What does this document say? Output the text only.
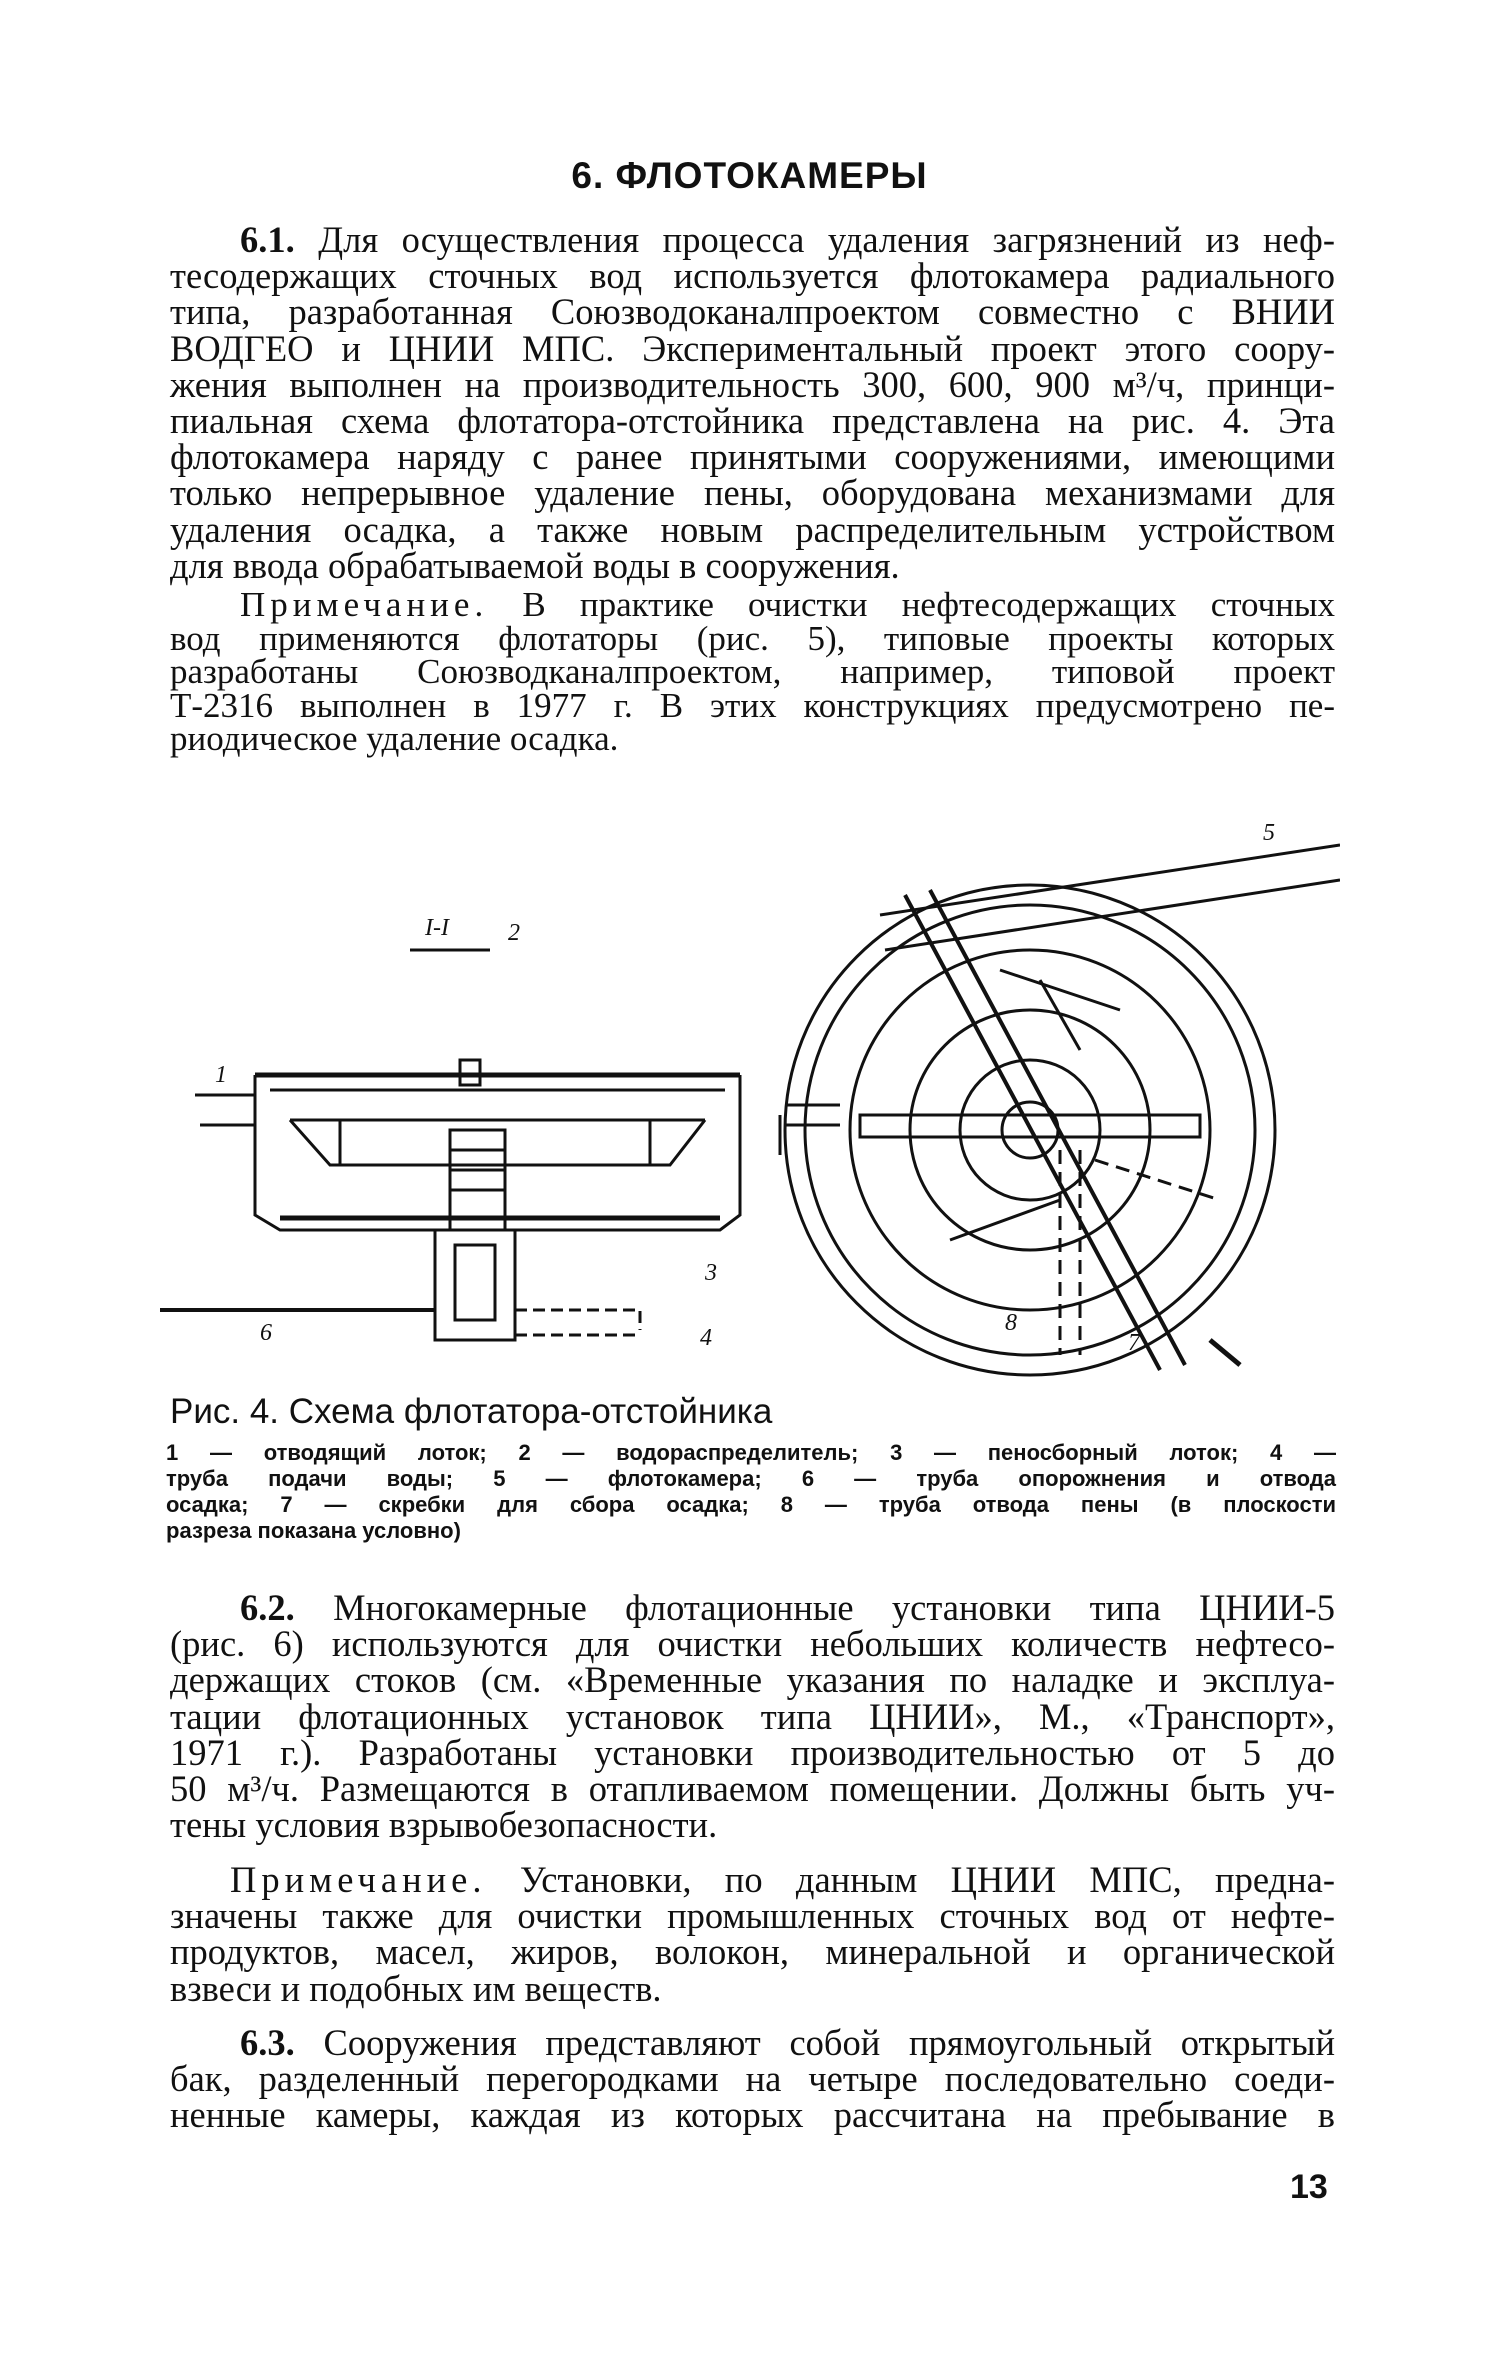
6. ФЛОТОКАМЕРЫ
6.1. Для осуществления процесса удаления загрязнений из неф-
тесодержащих сточных вод используется флотокамера радиального
типа, разработанная Союзводоканалпроектом совместно с ВНИИ
ВОДГЕО и ЦНИИ МПС. Экспериментальный проект этого соору-
жения выполнен на производительность 300, 600, 900 м³/ч, принци-
пиальная схема флотатора-отстойника представлена на рис. 4. Эта
флотокамера наряду с ранее принятыми сооружениями, имеющими
только непрерывное удаление пены, оборудована механизмами для
удаления осадка, а также новым распределительным устройством
для ввода обрабатываемой воды в сооружения.
Примечание. В практике очистки нефтесодержащих сточных
вод применяются флотаторы (рис. 5), типовые проекты которых
разработаны Союзводканалпроектом, например, типовой проект
Т-2316 выполнен в 1977 г. В этих конструкциях предусмотрено пе-
риодическое удаление осадка.
I-I
1
2
3
4
5
6	7
8
Рис. 4. Схема флотатора-отстойника
1 — отводящий лоток; 2 — водораспределитель; 3 — пеносборный лоток; 4 —
труба подачи воды; 5 — флотокамера; 6 — труба опорожнения и отвода
осадка; 7 — скребки для сбора осадка; 8 — труба отвода пены (в плоскости
разреза показана условно)
6.2. Многокамерные флотационные установки типа ЦНИИ-5
(рис. 6) используются для очистки небольших количеств нефтесо-
держащих стоков (см. «Временные указания по наладке и эксплуа-
тации флотационных установок типа ЦНИИ», М., «Транспорт»,
1971 г.). Разработаны установки производительностью от 5 до
50 м³/ч. Размещаются в отапливаемом помещении. Должны быть уч-
тены условия взрывобезопасности.
Примечание. Установки, по данным ЦНИИ МПС, предна-
значены также для очистки промышленных сточных вод от нефте-
продуктов, масел, жиров, волокон, минеральной и органической
взвеси и подобных им веществ.
6.3. Сооружения представляют собой прямоугольный открытый
бак, разделенный перегородками на четыре последовательно соеди-
ненные камеры, каждая из которых рассчитана на пребывание в
13
